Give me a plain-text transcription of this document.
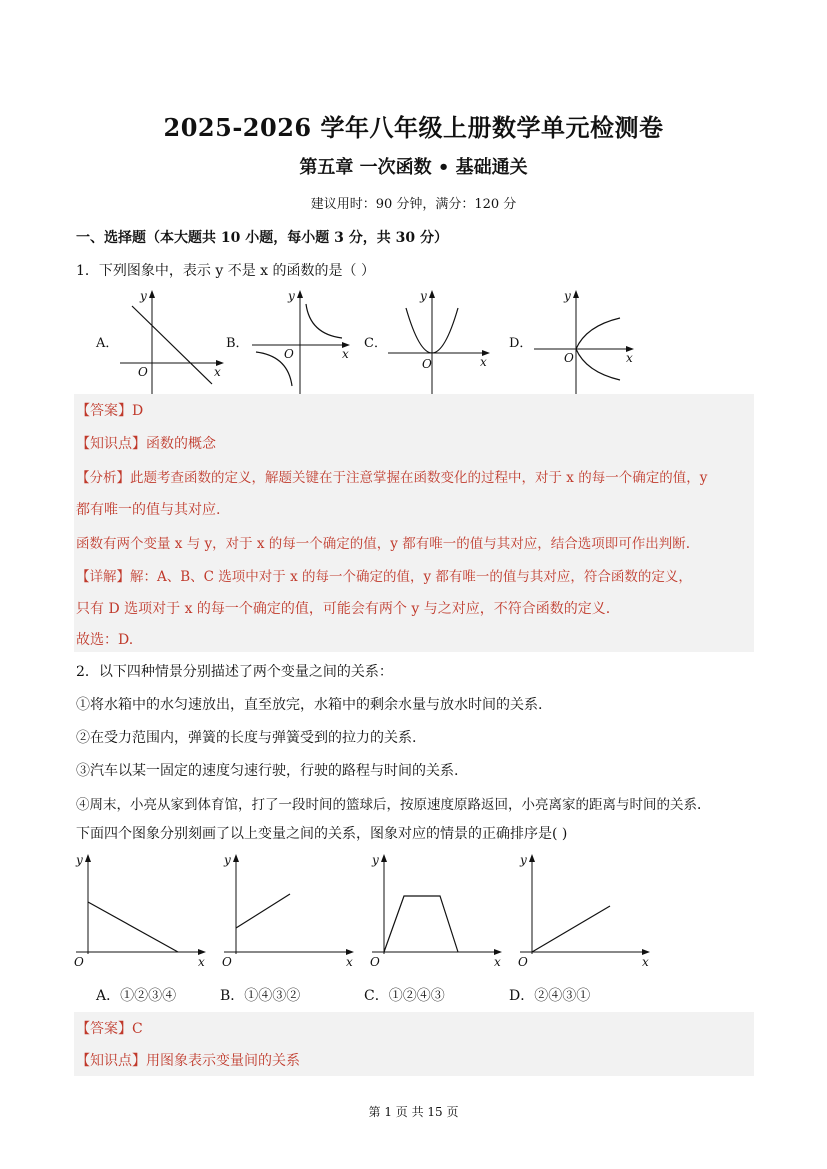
2025-2026 学年八年级上册数学单元检测卷
第五章 一次函数 • 基础通关
建议用时：90 分钟，满分：120 分
一、选择题（本大题共 10 小题，每小题 3 分，共 30 分）
1．下列图象中，表示 y 不是 x 的函数的是（ ）
A．	B．	C．	D．
y
x
O
y
x
O
y
x
O
y
x
O
【答案】D
【知识点】函数的概念
【分析】此题考查函数的定义，解题关键在于注意掌握在函数变化的过程中，对于 x 的每一个确定的值，y
都有唯一的值与其对应.
函数有两个变量 x 与 y，对于 x 的每一个确定的值，y 都有唯一的值与其对应，结合选项即可作出判断.
【详解】解：A、B、C 选项中对于 x 的每一个确定的值，y 都有唯一的值与其对应，符合函数的定义，
只有 D 选项对于 x 的每一个确定的值，可能会有两个 y 与之对应，不符合函数的定义.
故选：D.
2．以下四种情景分别描述了两个变量之间的关系：
①将水箱中的水匀速放出，直至放完，水箱中的剩余水量与放水时间的关系.
②在受力范围内，弹簧的长度与弹簧受到的拉力的关系.
③汽车以某一固定的速度匀速行驶，行驶的路程与时间的关系.
④周末，小亮从家到体育馆，打了一段时间的篮球后，按原速度原路返回，小亮离家的距离与时间的关系.
下面四个图象分别刻画了以上变量之间的关系，图象对应的情景的正确排序是( )
y
x
O
y
x
O
y
x
O
y
x
O
A．①②③④	B．①④③②	C．①②④③	D．②④③①
【答案】C
【知识点】用图象表示变量间的关系
第 1 页 共 15 页
